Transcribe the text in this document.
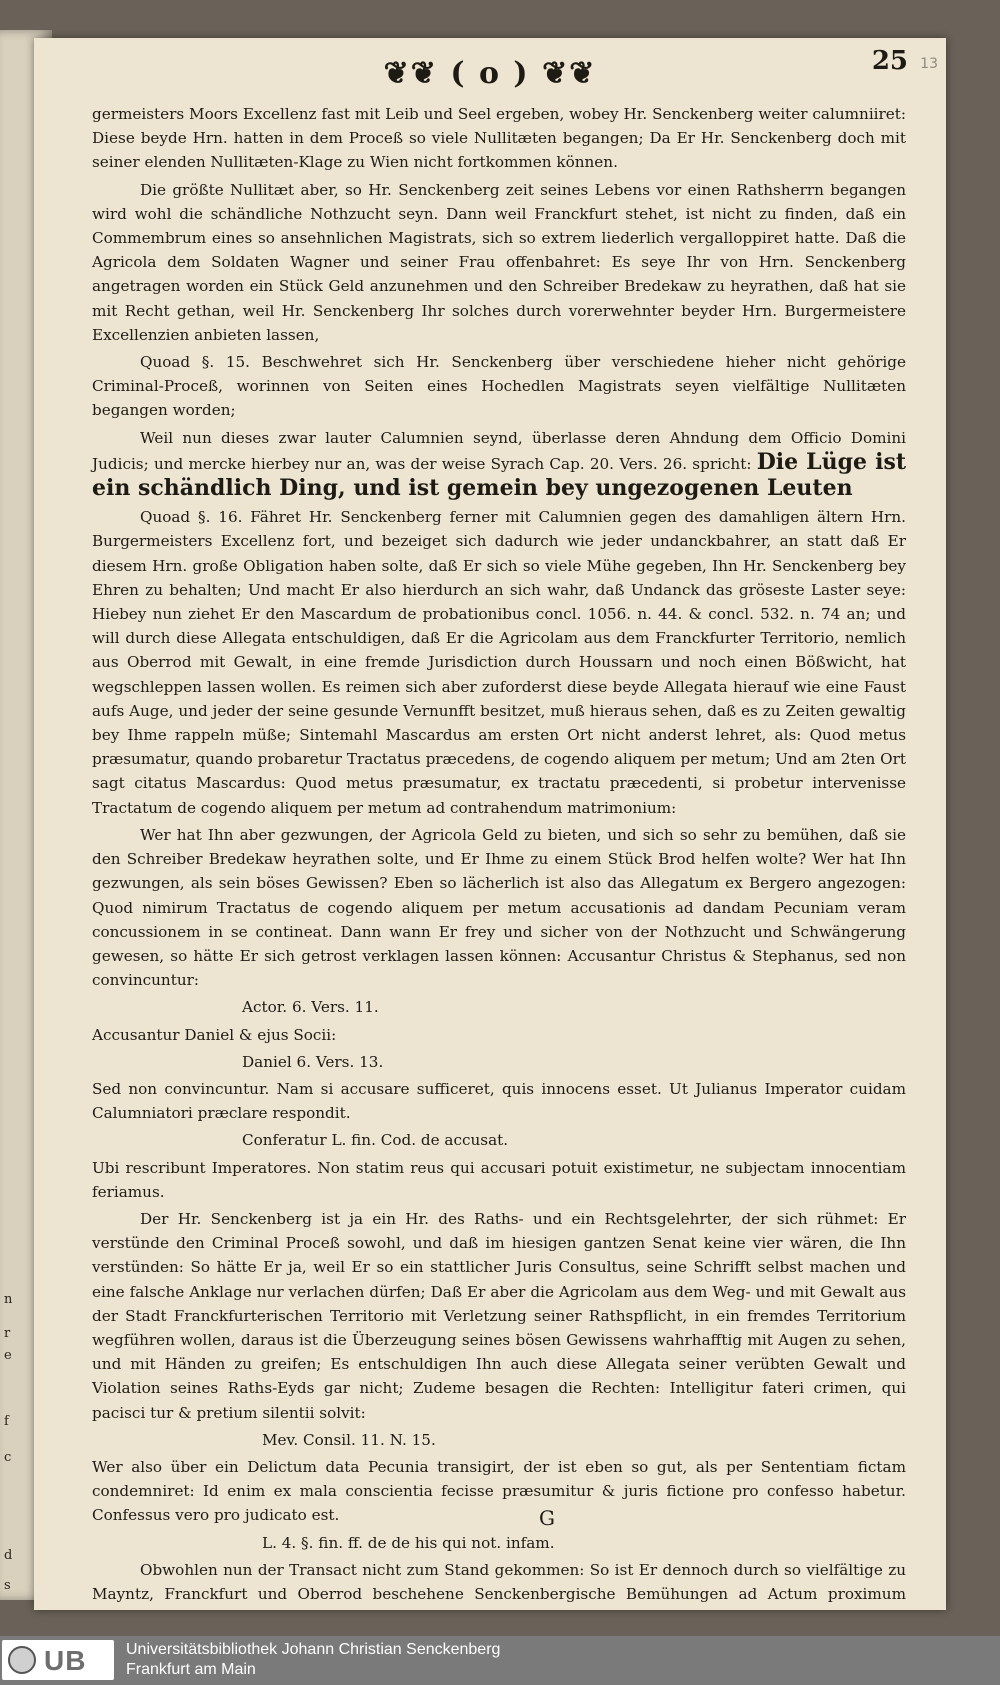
n
r
e
f
c
d
s
❦❦ ( o ) ❦❦	25 13

germeisters Moors Excellenz fast mit Leib und Seel ergeben, wobey Hr. Senckenberg weiter calumniiret: Diese beyde Hrn. hatten in dem Proceß so viele Nullitæten begangen; Da Er Hr. Senckenberg doch mit seiner elenden Nullitæten-Klage zu Wien nicht fortkommen können.

Die größte Nullitæt aber, so Hr. Senckenberg zeit seines Lebens vor einen Rathsherrn begangen wird wohl die schändliche Nothzucht seyn. Dann weil Franckfurt stehet, ist nicht zu finden, daß ein Commembrum eines so ansehnlichen Magistrats, sich so extrem liederlich vergalloppiret hatte. Daß die Agricola dem Soldaten Wagner und seiner Frau offenbahret: Es seye Ihr von Hrn. Senckenberg angetragen worden ein Stück Geld anzunehmen und den Schreiber Bredekaw zu heyrathen, daß hat sie mit Recht gethan, weil Hr. Senckenberg Ihr solches durch vorerwehnter beyder Hrn. Burgermeistere Excellenzien anbieten lassen,

Quoad §. 15. Beschwehret sich Hr. Senckenberg über verschiedene hieher nicht gehörige Criminal-Proceß, worinnen von Seiten eines Hochedlen Magistrats seyen vielfältige Nullitæten begangen worden;

Weil nun dieses zwar lauter Calumnien seynd, überlasse deren Ahndung dem Officio Domini Judicis; und mercke hierbey nur an, was der weise Syrach Cap. 20. Vers. 26. spricht: Die Lüge ist ein schändlich Ding, und ist gemein bey ungezogenen Leuten

Quoad §. 16. Fähret Hr. Senckenberg ferner mit Calumnien gegen des damahligen ältern Hrn. Burgermeisters Excellenz fort, und bezeiget sich dadurch wie jeder undanckbahrer, an statt daß Er diesem Hrn. große Obligation haben solte, daß Er sich so viele Mühe gegeben, Ihn Hr. Senckenberg bey Ehren zu behalten; Und macht Er also hierdurch an sich wahr, daß Undanck das gröseste Laster seye: Hiebey nun ziehet Er den Mascardum de probationibus concl. 1056. n. 44. & concl. 532. n. 74 an; und will durch diese Allegata entschuldigen, daß Er die Agricolam aus dem Franckfurter Territorio, nemlich aus Oberrod mit Gewalt, in eine fremde Jurisdiction durch Houssarn und noch einen Bößwicht, hat wegschleppen lassen wollen. Es reimen sich aber zuforderst diese beyde Allegata hierauf wie eine Faust aufs Auge, und jeder der seine gesunde Vernunfft besitzet, muß hieraus sehen, daß es zu Zeiten gewaltig bey Ihme rappeln müße; Sintemahl Mascardus am ersten Ort nicht anderst lehret, als: Quod metus præsumatur, quando probaretur Tractatus præcedens, de cogendo aliquem per metum; Und am 2ten Ort sagt citatus Mascardus: Quod metus præsumatur, ex tractatu præcedenti, si probetur intervenisse Tractatum de cogendo aliquem per metum ad contrahendum matrimonium:

Wer hat Ihn aber gezwungen, der Agricola Geld zu bieten, und sich so sehr zu bemühen, daß sie den Schreiber Bredekaw heyrathen solte, und Er Ihme zu einem Stück Brod helfen wolte? Wer hat Ihn gezwungen, als sein böses Gewissen? Eben so lächerlich ist also das Allegatum ex Bergero angezogen: Quod nimirum Tractatus de cogendo aliquem per metum accusationis ad dandam Pecuniam veram concussionem in se contineat. Dann wann Er frey und sicher von der Nothzucht und Schwängerung gewesen, so hätte Er sich getrost verklagen lassen können: Accusantur Christus & Stephanus, sed non convincuntur:

Actor. 6. Vers. 11.

Accusantur Daniel & ejus Socii:

Daniel 6. Vers. 13.

Sed non convincuntur. Nam si accusare sufficeret, quis innocens esset. Ut Julianus Imperator cuidam Calumniatori præclare respondit.

Conferatur L. fin. Cod. de accusat.

Ubi rescribunt Imperatores. Non statim reus qui accusari potuit existimetur, ne subjectam innocentiam feriamus.

Der Hr. Senckenberg ist ja ein Hr. des Raths- und ein Rechtsgelehrter, der sich rühmet: Er verstünde den Criminal Proceß sowohl, und daß im hiesigen gantzen Senat keine vier wären, die Ihn verstünden: So hätte Er ja, weil Er so ein stattlicher Juris Consultus, seine Schrifft selbst machen und eine falsche Anklage nur verlachen dürfen; Daß Er aber die Agricolam aus dem Weg- und mit Gewalt aus der Stadt Franckfurterischen Territorio mit Verletzung seiner Rathspflicht, in ein fremdes Territorium wegführen wollen, daraus ist die Überzeugung seines bösen Gewissens wahrhafftig mit Augen zu sehen, und mit Händen zu greifen; Es entschuldigen Ihn auch diese Allegata seiner verübten Gewalt und Violation seines Raths-Eyds gar nicht; Zudeme besagen die Rechten: Intelligitur fateri crimen, qui pacisci tur & pretium silentii solvit:

Mev. Consil. 11. N. 15.

Wer also über ein Delictum data Pecunia transigirt, der ist eben so gut, als per Sententiam fictam condemniret: Id enim ex mala conscientia fecisse præsumitur & juris fictione pro confesso habetur. Confessus vero pro judicato est.

L. 4. §. fin. ff. de de his qui not. infam.

Obwohlen nun der Transact nicht zum Stand gekommen: So ist Er dennoch durch so vielfältige zu Mayntz, Franckfurt und Oberrod beschehene Senckenbergische Bemühungen ad Actum proximum

G
UB Universitätsbibliothek Johann Christian Senckenberg
Frankfurt am Main
